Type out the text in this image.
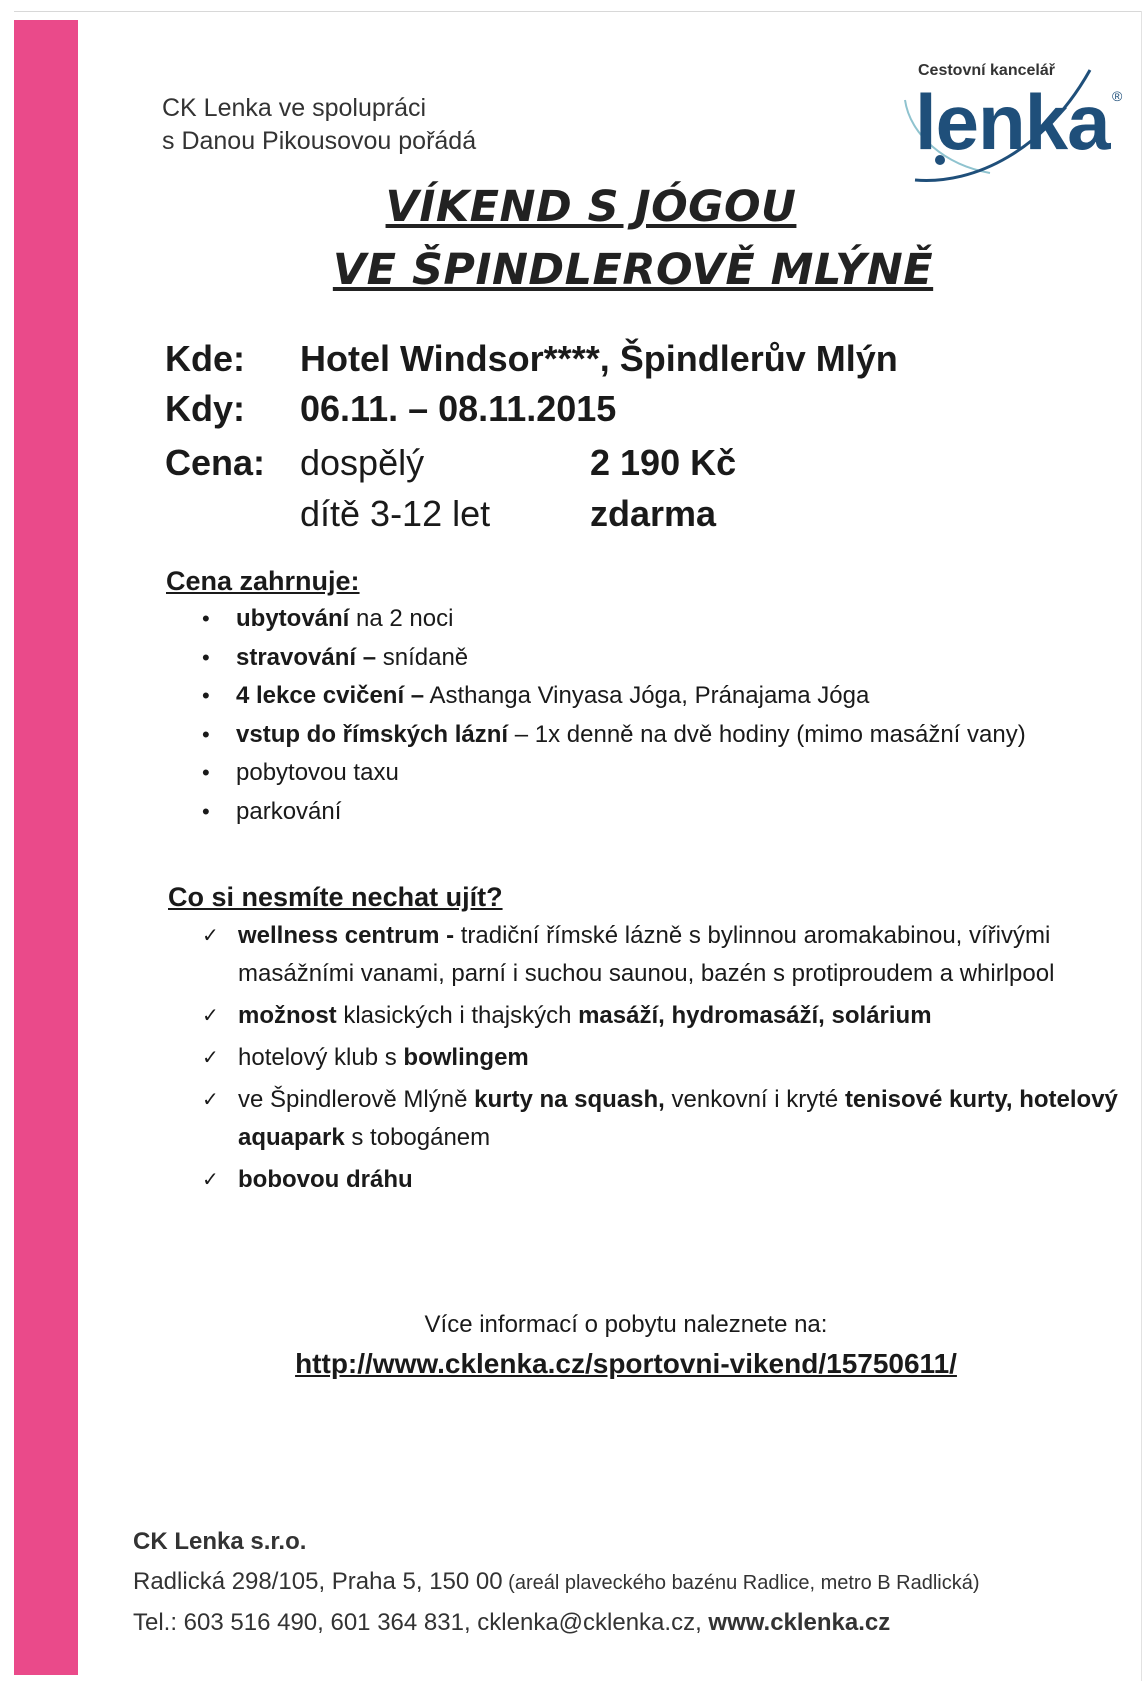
CK Lenka ve spolupráci
s Danou Pikousovou pořádá
Cestovní kancelář
lenka ®
VÍKEND S JÓGOU
VE ŠPINDLEROVĚ MLÝNĚ
Kde: Hotel Windsor****, Špindlerův Mlýn
Kdy: 06.11. – 08.11.2015
Cena: dospělý	2 190 Kč
dítě 3-12 let	zdarma
Cena zahrnuje:
• ubytování na 2 noci
• stravování – snídaně
• 4 lekce cvičení – Asthanga Vinyasa Jóga, Pránajama Jóga
• vstup do římských lázní – 1x denně na dvě hodiny (mimo masážní vany)
• pobytovou taxu
• parkování
Co si nesmíte nechat ujít?
✓ wellness centrum - tradiční římské lázně s bylinnou aromakabinou, vířivými masážními vanami, parní i suchou saunou, bazén s protiproudem a whirlpool
✓ možnost klasických i thajských masáží, hydromasáží, solárium
✓ hotelový klub s bowlingem
✓ ve Špindlerově Mlýně kurty na squash, venkovní i kryté tenisové kurty, hotelový aquapark s tobogánem
✓ bobovou dráhu
Více informací o pobytu naleznete na:
http://www.cklenka.cz/sportovni-vikend/15750611/
CK Lenka s.r.o.
Radlická 298/105, Praha 5, 150 00 (areál plaveckého bazénu Radlice, metro B Radlická)
Tel.: 603 516 490, 601 364 831, cklenka@cklenka.cz, www.cklenka.cz
